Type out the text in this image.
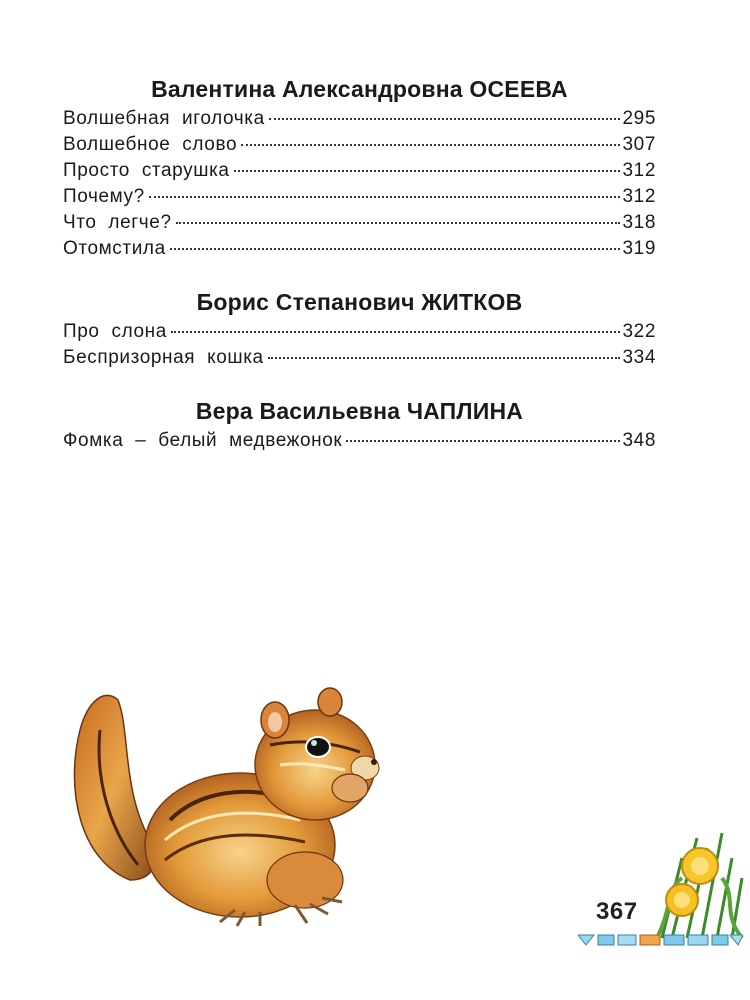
Валентина Александровна ОСЕЕВА
Волшебная иголочка	295
Волшебное слово	307
Просто старушка	312
Почему?	312
Что легче?	318
Отомстила	319
Борис Степанович ЖИТКОВ
Про слона	322
Беспризорная кошка	334
Вера Васильевна ЧАПЛИНА
Фомка – белый медвежонок	348
367
